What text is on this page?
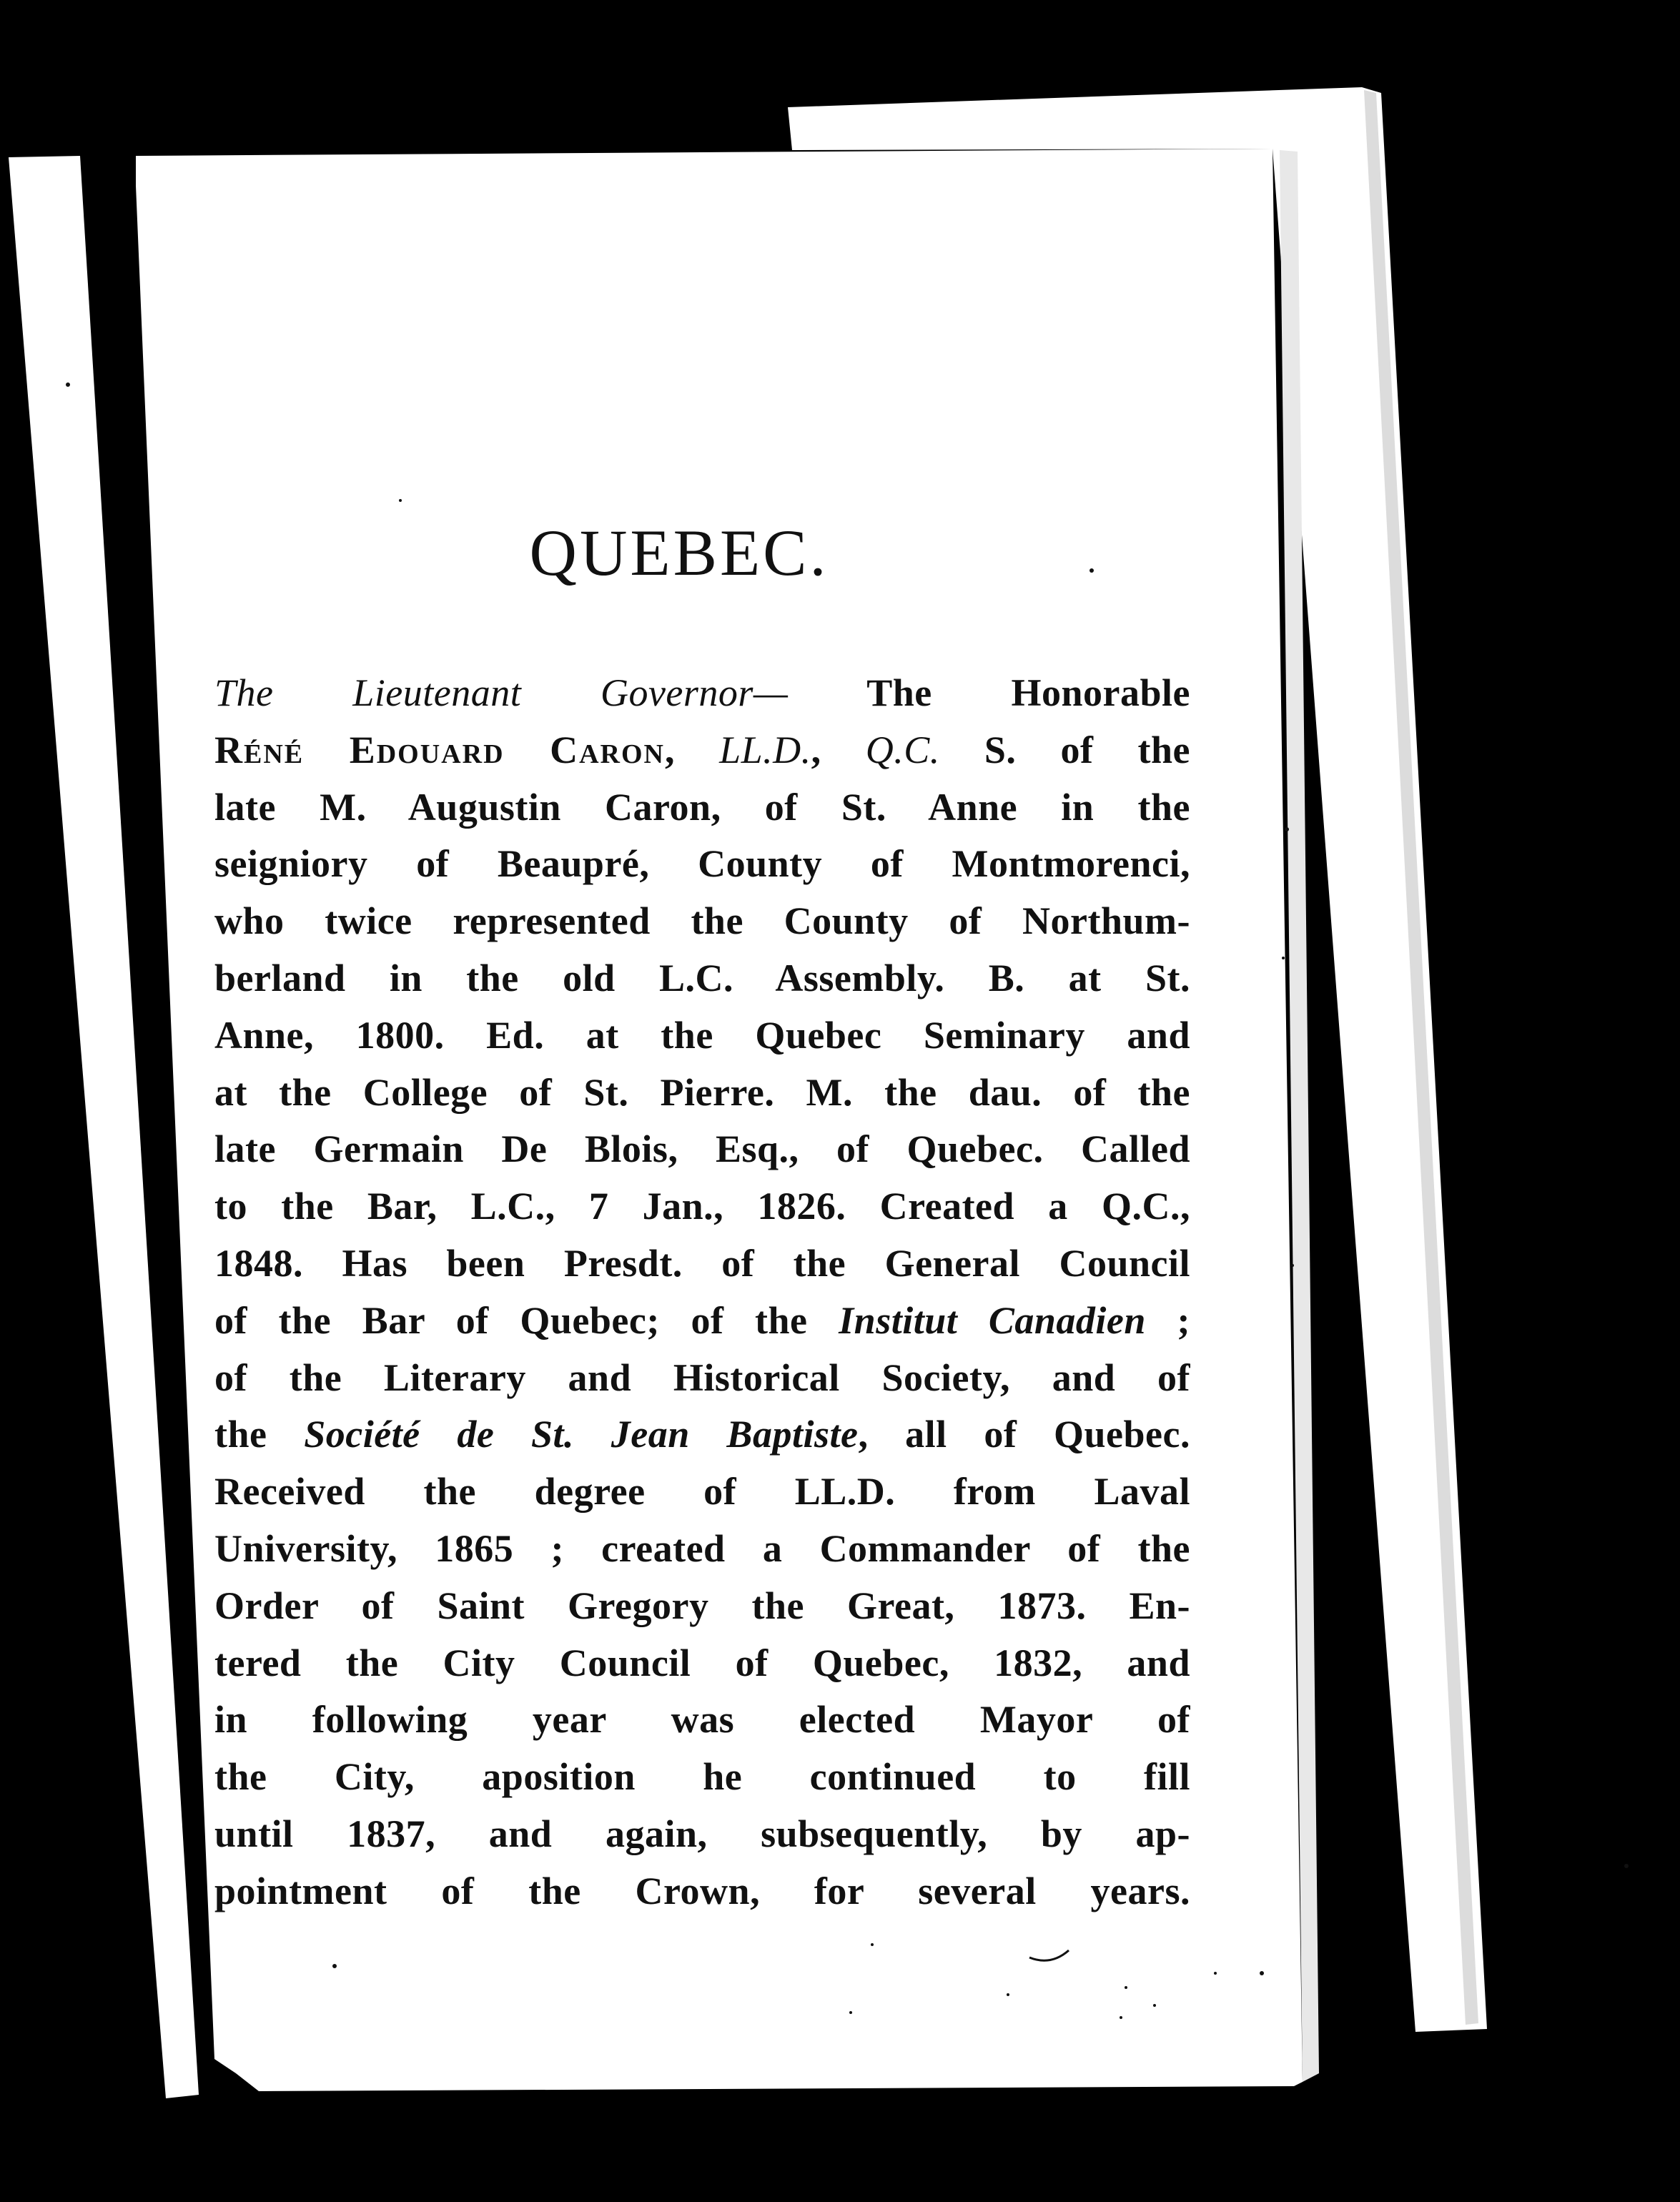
QUEBEC.
The Lieutenant Governor— The Honorable
Réné Edouard Caron, LL.D., Q.C. S. of the
late M. Augustin Caron, of St. Anne in the
seigniory of Beaupré, County of Montmorenci,
who twice represented the County of Northum-
berland in the old L.C. Assembly. B. at St.
Anne, 1800. Ed. at the Quebec Seminary and
at the College of St. Pierre. M. the dau. of the
late Germain De Blois, Esq., of Quebec. Called
to the Bar, L.C., 7 Jan., 1826. Created a Q.C.,
1848. Has been Presdt. of the General Council
of the Bar of Quebec; of the Institut Canadien ;
of the Literary and Historical Society, and of
the Société de St. Jean Baptiste, all of Quebec.
Received the degree of LL.D. from Laval
University, 1865 ; created a Commander of the
Order of Saint Gregory the Great, 1873. En-
tered the City Council of Quebec, 1832, and
in following year was elected Mayor of
the City, aposition he continued to fill
until 1837, and again, subsequently, by ap-
pointment of the Crown, for several years.
